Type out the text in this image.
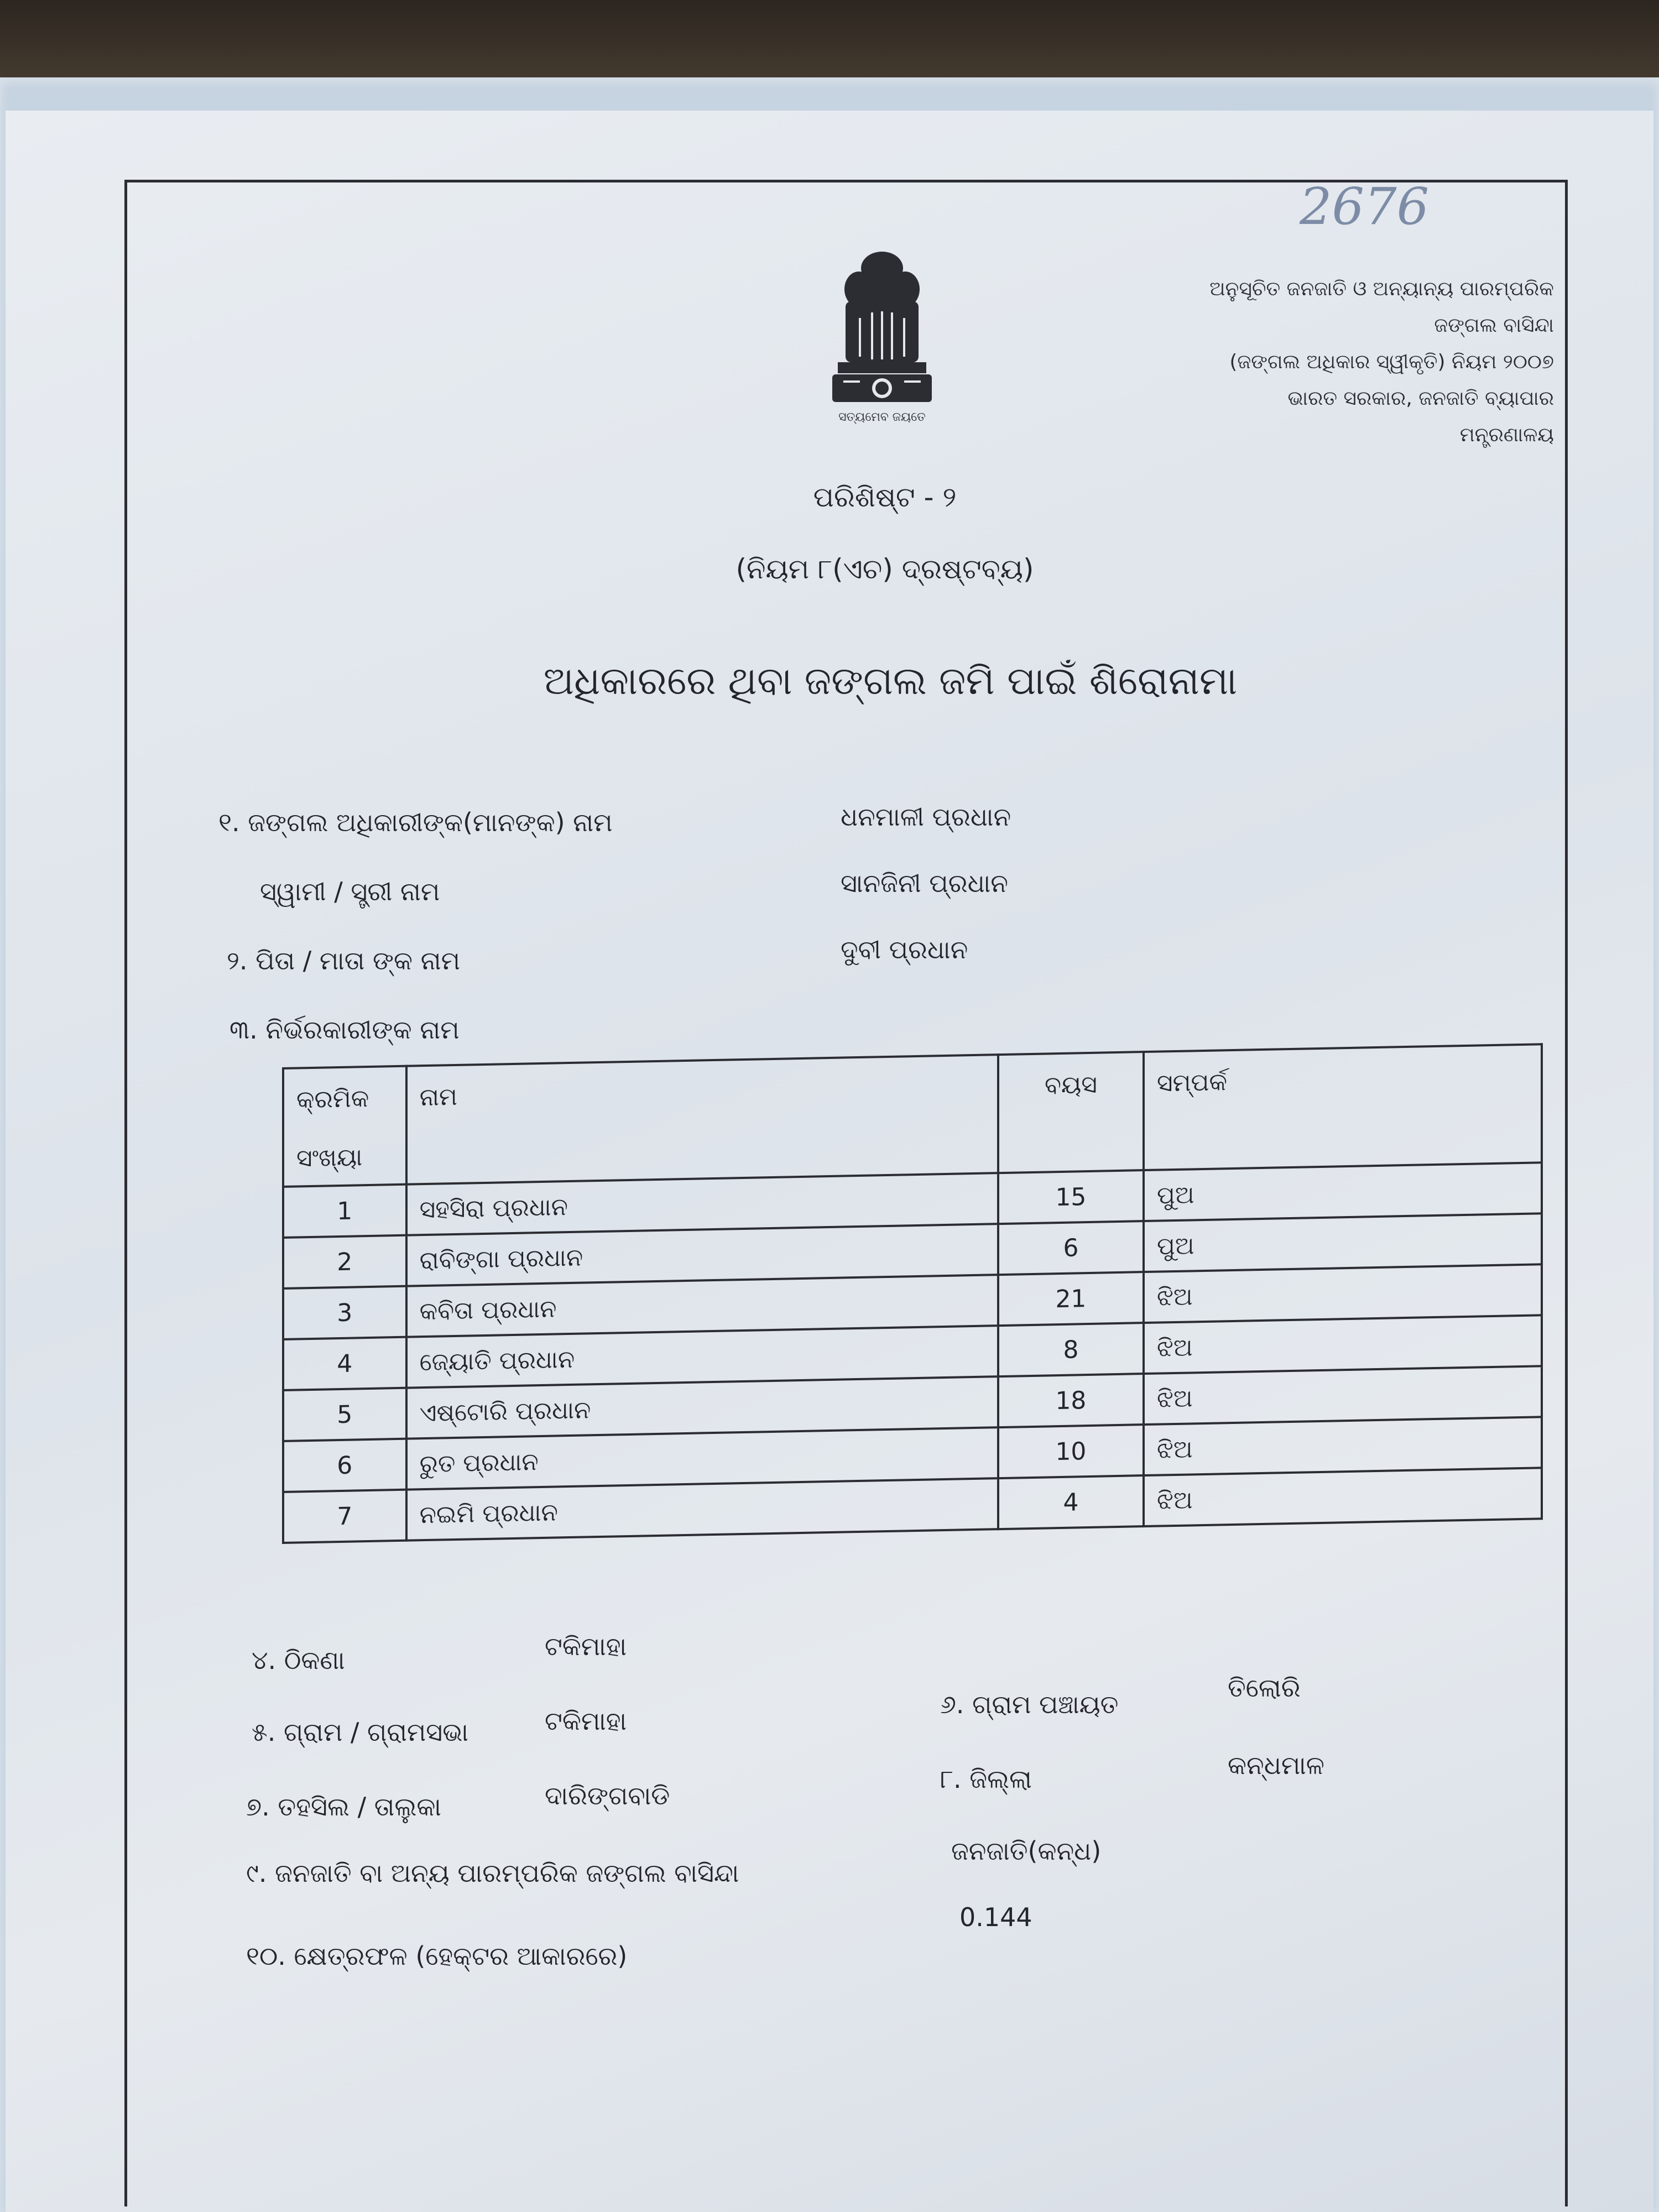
2676
ସତ୍ୟମେବ ଜୟତେ
ଅନୁସୂଚିତ ଜନଜାତି ଓ ଅନ୍ୟାନ୍ୟ ପାରମ୍ପରିକ ଜଙ୍ଗଲ ବାସିନ୍ଦା
(ଜଙ୍ଗଲ ଅଧିକାର ସ୍ୱୀକୃତି) ନିୟମ ୨୦୦୭
ଭାରତ ସରକାର, ଜନଜାତି ବ୍ୟାପାର ମନ୍ତ୍ରଣାଳୟ
ପରିଶିଷ୍ଟ - ୨
(ନିୟମ ୮(ଏଚ) ଦ୍ରଷ୍ଟବ୍ୟ)
ଅଧିକାରରେ ଥିବା ଜଙ୍ଗଲ ଜମି ପାଇଁ ଶିରୋନାମା
୧. ଜଙ୍ଗଲ ଅଧିକାରୀଙ୍କ(ମାନଙ୍କ) ନାମ	ଧନମାଳୀ ପ୍ରଧାନ
ସ୍ୱାମୀ / ସ୍ତ୍ରୀ ନାମ	ସାନଜିନୀ ପ୍ରଧାନ
୨. ପିତା / ମାତା ଙ୍କ ନାମ	ଦୁବୀ ପ୍ରଧାନ
୩. ନିର୍ଭରକାରୀଙ୍କ ନାମ
କ୍ରମିକ
ସଂଖ୍ୟା	ନାମ	ବୟସ	ସମ୍ପର୍କ
1	ସହସିରା ପ୍ରଧାନ	15	ପୁଅ
2	ରାବିଙ୍ଗା ପ୍ରଧାନ	6	ପୁଅ
3	କବିତା ପ୍ରଧାନ	21	ଝିଅ
4	ଜ୍ୟୋତି ପ୍ରଧାନ	8	ଝିଅ
5	ଏଷ୍ଟୋରି ପ୍ରଧାନ	18	ଝିଅ
6	ରୁତ ପ୍ରଧାନ	10	ଝିଅ
7	ନଇମି ପ୍ରଧାନ	4	ଝିଅ
୪. ଠିକଣା	ଟକିମାହା
୫. ଗ୍ରାମ / ଗ୍ରାମସଭା	ଟକିମାହା
୬. ଗ୍ରାମ ପଞ୍ଚାୟତ
ତିଲୋରି
୭. ତହସିଲ / ତାଲୁକା	ଦାରିଙ୍ଗବାଡି
୮. ଜିଲ୍ଲା	କନ୍ଧମାଳ
୯. ଜନଜାତି ବା ଅନ୍ୟ ପାରମ୍ପରିକ ଜଙ୍ଗଲ ବାସିନ୍ଦା
ଜନଜାତି(କନ୍ଧ)
୧୦. କ୍ଷେତ୍ରଫଳ (ହେକ୍ଟର ଆକାରରେ)
0.144
